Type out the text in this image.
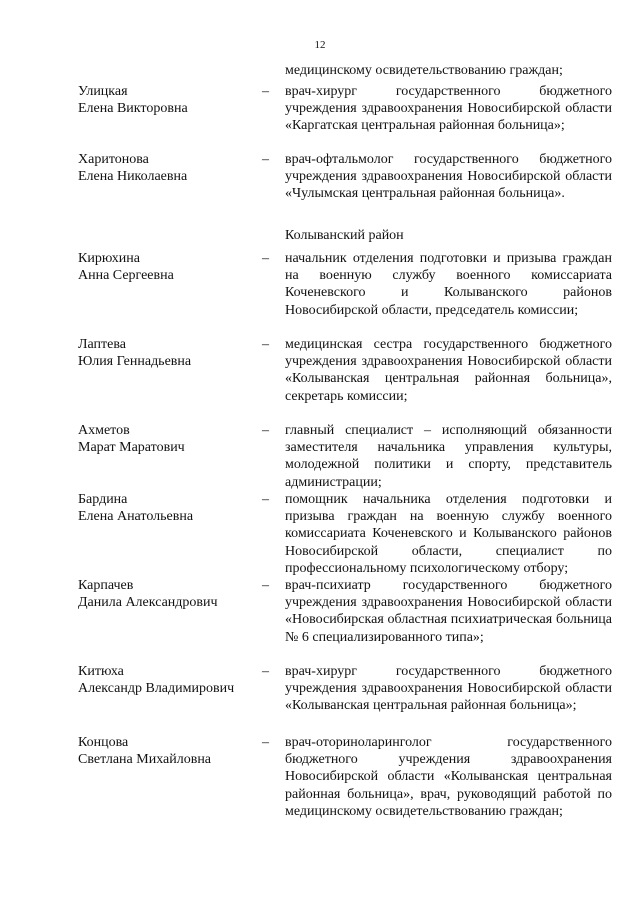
12
медицинскому освидетельствованию граждан;
Улицкая
Елена Викторовна
– врач-хирург государственного бюджетного учреждения здравоохранения Новосибирской области «Каргатская центральная районная больница»;
Харитонова
Елена Николаевна
– врач-офтальмолог государственного бюджетного учреждения здравоохранения Новосибирской области «Чулымская центральная районная больница».
Колыванский район
Кирюхина
Анна Сергеевна
– начальник отделения подготовки и призыва граждан на военную службу военного комиссариата Коченевского и Колыванского районов Новосибирской области, председатель комиссии;
Лаптева
Юлия Геннадьевна
– медицинская сестра государственного бюджетного учреждения здравоохранения Новосибирской области «Колыванская центральная районная больница», секретарь комиссии;
Ахметов
Марат Маратович
– главный специалист – исполняющий обязанности заместителя начальника управления культуры, молодежной политики и спорту, представитель администрации;
Бардина
Елена Анатольевна
– помощник начальника отделения подготовки и призыва граждан на военную службу военного комиссариата Коченевского и Колыванского районов Новосибирской области, специалист по профессиональному психологическому отбору;
Карпачев
Данила Александрович
– врач-психиатр государственного бюджетного учреждения здравоохранения Новосибирской области «Новосибирская областная психиатрическая больница № 6 специализированного типа»;
Китюха
Александр Владимирович
– врач-хирург государственного бюджетного учреждения здравоохранения Новосибирской области «Колыванская центральная районная больница»;
Концова
Светлана Михайловна
– врач-оториноларинголог государственного бюджетного учреждения здравоохранения Новосибирской области «Колыванская центральная районная больница», врач, руководящий работой по медицинскому освидетельствованию граждан;
